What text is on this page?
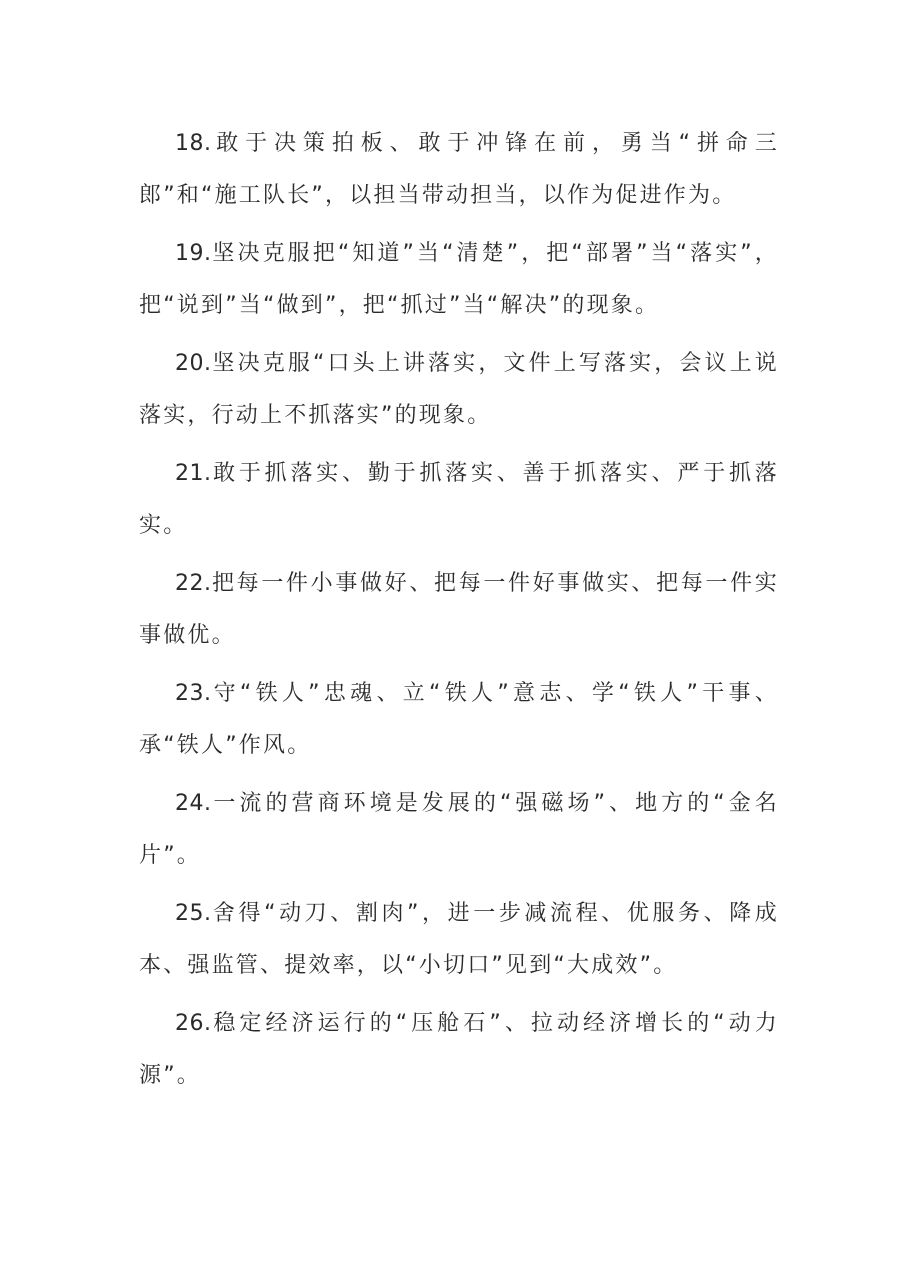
18.敢于决策拍板、敢于冲锋在前，勇当“拼命三郎”和“施工队长”，以担当带动担当，以作为促进作为。

19.坚决克服把“知道”当“清楚”，把“部署”当“落实”，把“说到”当“做到”，把“抓过”当“解决”的现象。

20.坚决克服“口头上讲落实，文件上写落实，会议上说落实，行动上不抓落实”的现象。

21.敢于抓落实、勤于抓落实、善于抓落实、严于抓落实。

22.把每一件小事做好、把每一件好事做实、把每一件实事做优。

23.守“铁人”忠魂、立“铁人”意志、学“铁人”干事、承“铁人”作风。

24.一流的营商环境是发展的“强磁场”、地方的“金名片”。

25.舍得“动刀、割肉”，进一步减流程、优服务、降成本、强监管、提效率，以“小切口”见到“大成效”。

26.稳定经济运行的“压舱石”、拉动经济增长的“动力源”。
